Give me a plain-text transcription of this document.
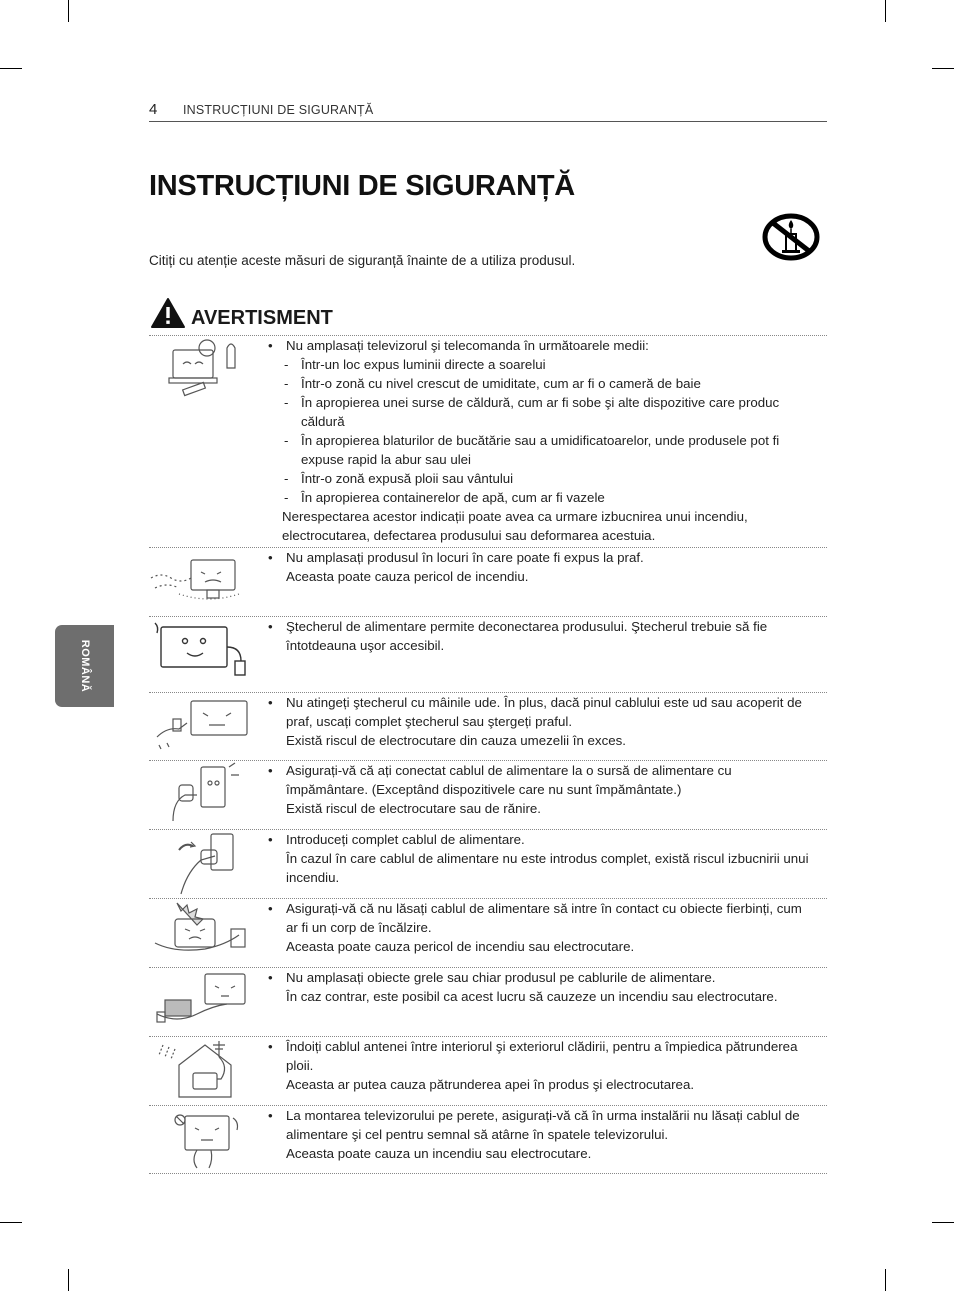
4 INSTRUCȚIUNI DE SIGURANȚĂ
INSTRUCȚIUNI DE SIGURANȚĂ
Citiți cu atenție aceste măsuri de siguranță înainte de a utiliza produsul.
AVERTISMENT
ROMÂNĂ
• Nu amplasați televizorul şi telecomanda în următoarele medii:
- Într-un loc expus luminii directe a soarelui
- Într-o zonă cu nivel crescut de umiditate, cum ar fi o cameră de baie
- În apropierea unei surse de căldură, cum ar fi sobe şi alte dispozitive care produc căldură
- În apropierea blaturilor de bucătărie sau a umidificatoarelor, unde produsele pot fi expuse rapid la abur sau ulei
- Într-o zonă expusă ploii sau vântului
- În apropierea containerelor de apă, cum ar fi vazele
Nerespectarea acestor indicații poate avea ca urmare izbucnirea unui incendiu, electrocutarea, defectarea produsului sau deformarea acestuia.
• Nu amplasați produsul în locuri în care poate fi expus la praf.
Aceasta poate cauza pericol de incendiu.
• Ştecherul de alimentare permite deconectarea produsului. Ştecherul trebuie să fie întotdeauna uşor accesibil.
• Nu atingeți ştecherul cu mâinile ude. În plus, dacă pinul cablului este ud sau acoperit de praf, uscați complet ştecherul sau ştergeți praful.
Există riscul de electrocutare din cauza umezelii în exces.
• Asigurați-vă că ați conectat cablul de alimentare la o sursă de alimentare cu împământare. (Exceptând dispozitivele care nu sunt împământate.)
Există riscul de electrocutare sau de rănire.
• Introduceți complet cablul de alimentare.
În cazul în care cablul de alimentare nu este introdus complet, există riscul izbucnirii unui incendiu.
• Asigurați-vă că nu lăsați cablul de alimentare să intre în contact cu obiecte fierbinți, cum ar fi un corp de încălzire.
Aceasta poate cauza pericol de incendiu sau electrocutare.
• Nu amplasați obiecte grele sau chiar produsul pe cablurile de alimentare.
În caz contrar, este posibil ca acest lucru să cauzeze un incendiu sau electrocutare.
• Îndoiți cablul antenei între interiorul şi exteriorul clădirii, pentru a împiedica pătrunderea ploii.
Aceasta ar putea cauza pătrunderea apei în produs şi electrocutarea.
• La montarea televizorului pe perete, asigurați-vă că în urma instalării nu lăsați cablul de alimentare şi cel pentru semnal să atârne în spatele televizorului.
Aceasta poate cauza un incendiu sau electrocutare.
